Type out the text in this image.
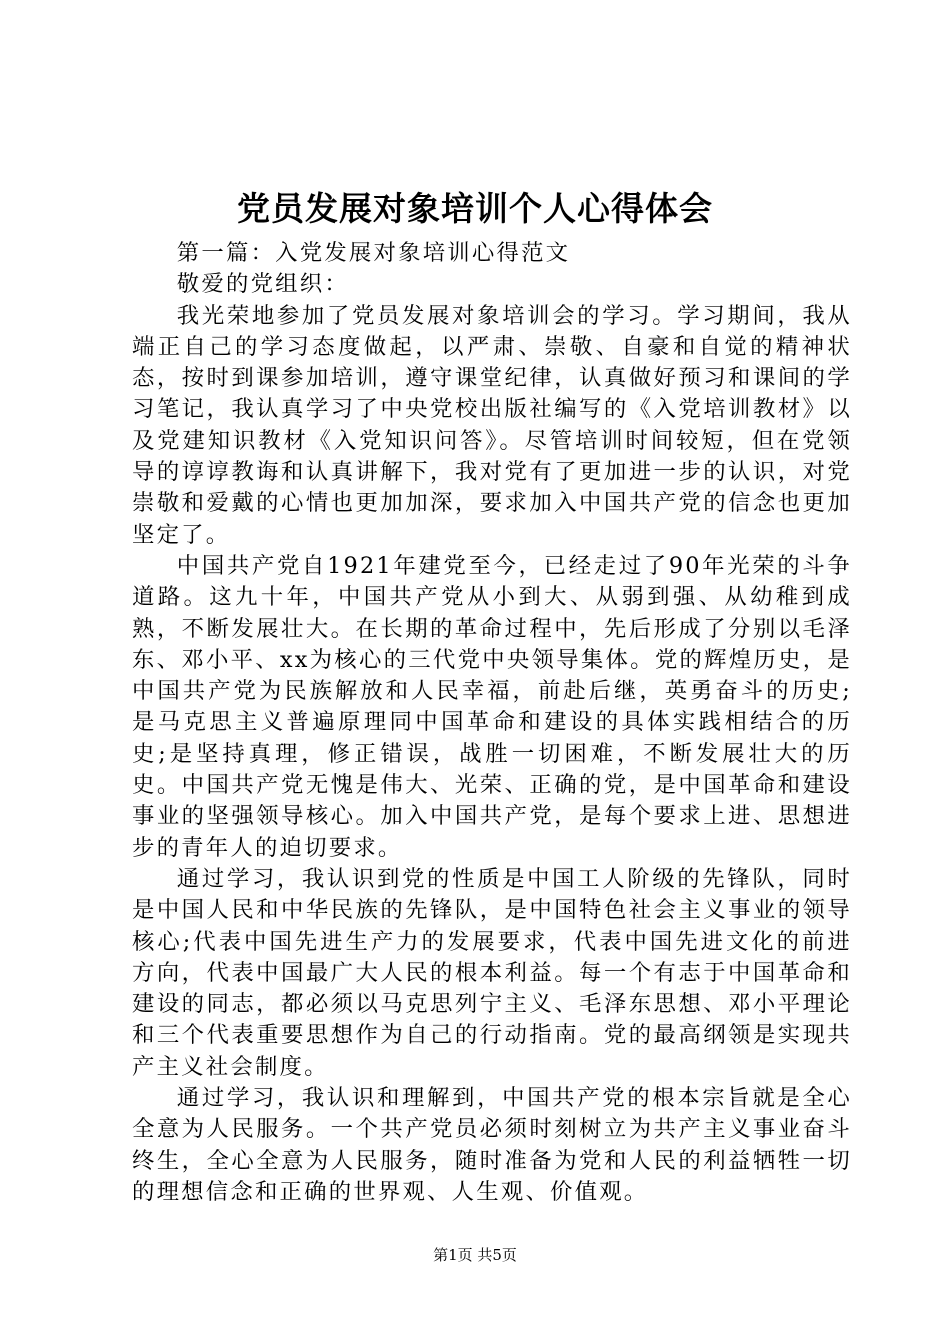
党员发展对象培训个人心得体会

第一篇：入党发展对象培训心得范文

敬爱的党组织：

我光荣地参加了党员发展对象培训会的学习。学习期间，我从端正自己的学习态度做起，以严肃、崇敬、自豪和自觉的精神状态，按时到课参加培训，遵守课堂纪律，认真做好预习和课间的学习笔记，我认真学习了中央党校出版社编写的《入党培训教材》以及党建知识教材《入党知识问答》。尽管培训时间较短，但在党领导的谆谆教诲和认真讲解下，我对党有了更加进一步的认识，对党崇敬和爱戴的心情也更加加深，要求加入中国共产党的信念也更加坚定了。

中国共产党自1921年建党至今，已经走过了90年光荣的斗争道路。这九十年，中国共产党从小到大、从弱到强、从幼稚到成熟，不断发展壮大。在长期的革命过程中，先后形成了分别以毛泽东、邓小平、xx为核心的三代党中央领导集体。党的辉煌历史，是中国共产党为民族解放和人民幸福，前赴后继，英勇奋斗的历史;是马克思主义普遍原理同中国革命和建设的具体实践相结合的历史;是坚持真理，修正错误，战胜一切困难，不断发展壮大的历史。中国共产党无愧是伟大、光荣、正确的党，是中国革命和建设事业的坚强领导核心。加入中国共产党，是每个要求上进、思想进步的青年人的迫切要求。

通过学习，我认识到党的性质是中国工人阶级的先锋队，同时是中国人民和中华民族的先锋队，是中国特色社会主义事业的领导核心;代表中国先进生产力的发展要求，代表中国先进文化的前进方向，代表中国最广大人民的根本利益。每一个有志于中国革命和建设的同志，都必须以马克思列宁主义、毛泽东思想、邓小平理论和三个代表重要思想作为自己的行动指南。党的最高纲领是实现共产主义社会制度。

通过学习，我认识和理解到，中国共产党的根本宗旨就是全心全意为人民服务。一个共产党员必须时刻树立为共产主义事业奋斗终生，全心全意为人民服务，随时准备为党和人民的利益牺牲一切的理想信念和正确的世界观、人生观、价值观。

第1页 共5页
